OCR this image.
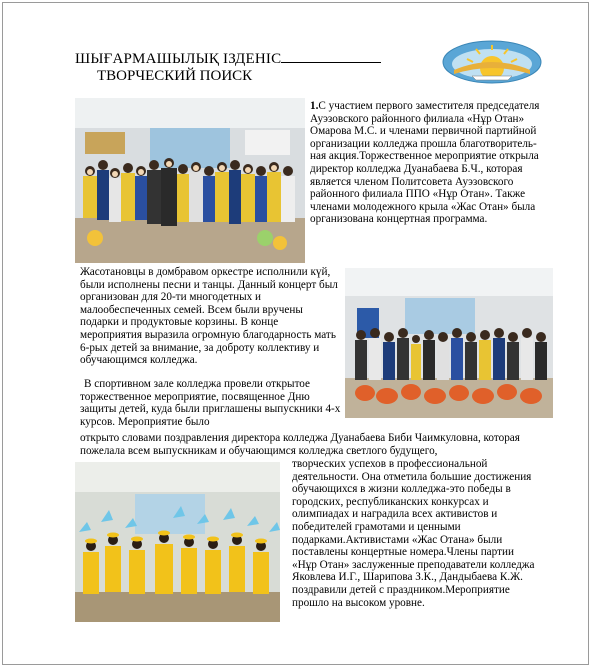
ШЫҒАРМАШЫЛЫҚ ІЗДЕНІС
ТВОРЧЕСКИЙ ПОИСК

1.С участием первого заместителя председателя Ауэзовского районного филиала «Нұр Отан» Омарова М.С. и членами первичной партийной организации колледжа прошла благотворитель-ная акция.Торжественное мероприятие открыла директор колледжа Дуанабаева Б.Ч., которая является членом Политсовета Ауэзовского районного филиала ППО «Нұр Отан». Также членами молодежного крыла «Жас Отан» была организована концертная программа.

Жасотановцы в домбравом оркестре исполнили күй, были исполнены песни и танцы. Данный концерт был организован для 20-ти многодетных и малообеспеченных семей. Всем были вручены подарки и продуктовые корзины. В конце мероприятия выразила огромную благодарность мать 6-рых детей за внимание, за доброту коллективу и обучающимся колледжа.

В спортивном зале колледжа провели открытое торжественное мероприятие, посвященное Дню защиты детей, куда были приглашены выпускники 4-х курсов. Мероприятие было

открыто словами поздравления директора колледжа Дуанабаева Биби Чаимкуловна, которая пожелала всем выпускникам и обучающимся колледжа светлого будущего,

творческих успехов в профессиональной деятельности. Она отметила большие достижения обучающихся в жизни колледжа-это победы в городских, республиканских конкурсах и олимпиадах и наградила всех активистов и победителей грамотами и ценными подарками.Активистами «Жас Отана» были поставлены концертные номера.Члены партии «Нұр Отан» заслуженные преподаватели колледжа Яковлева И.Г., Шарипова З.К., Дандыбаева К.Ж. поздравили детей с праздником.Мероприятие прошло на высоком уровне.
